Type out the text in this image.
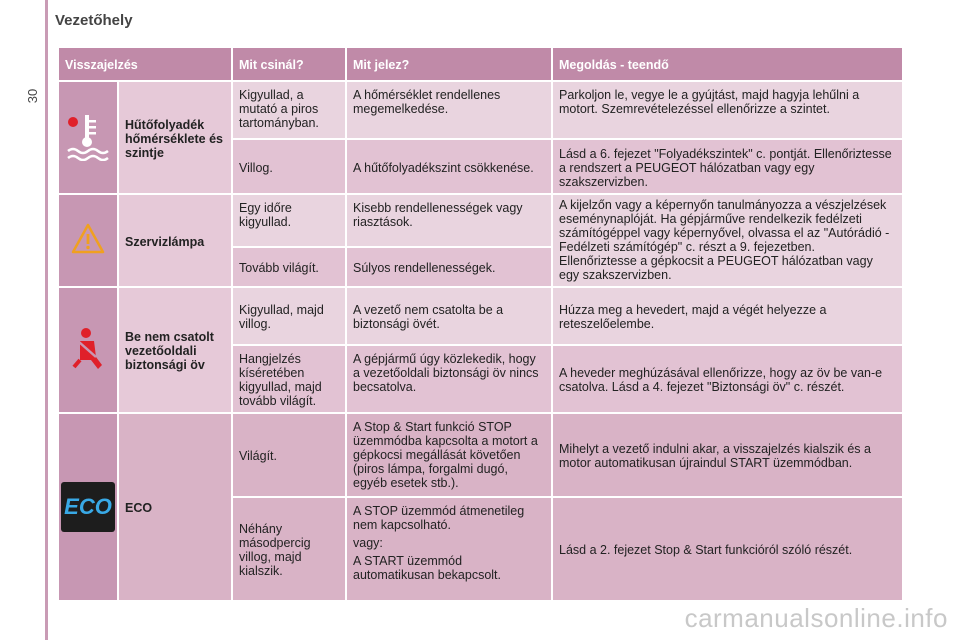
30
Vezetőhely
Visszajelzés		Mit csinál?	Mit jelez?	Megoldás - teendő
	Hűtőfolyadék hőmérséklete és szintje	Kigyullad, a mutató a piros tartományban.	A hőmérséklet rendellenes megemelkedése.	Parkoljon le, vegye le a gyújtást, majd hagyja lehűlni a motort. Szemrevételezéssel ellenőrizze a szintet.
		Villog.	A hűtőfolyadékszint csökkenése.	Lásd a 6. fejezet "Folyadékszintek" c. pontját. Ellenőriztesse a rendszert a PEUGEOT hálózatban vagy egy szakszervizben.
	Szervizlámpa	Egy időre kigyullad.	Kisebb rendellenességek vagy riasztások.	A kijelzőn vagy a képernyőn tanulmányozza a vészjelzések eseménynaplóját. Ha gépjárműve rendelkezik fedélzeti számítógéppel vagy képernyővel, olvassa el az "Autórádió - Fedélzeti számítógép" c. részt a 9. fejezetben. Ellenőriztesse a gépkocsit a PEUGEOT hálózatban vagy egy szakszervizben.
		Tovább világít.	Súlyos rendellenességek.	
	Be nem csatolt vezetőoldali biztonsági öv	Kigyullad, majd villog.	A vezető nem csatolta be a biztonsági övét.	Húzza meg a hevedert, majd a végét helyezze a reteszelőelembe.
		Hangjelzés kíséretében kigyullad, majd tovább világít.	A gépjármű úgy közlekedik, hogy a vezetőoldali biztonsági öv nincs becsatolva.	A heveder meghúzásával ellenőrizze, hogy az öv be van-e csatolva. Lásd a 4. fejezet "Biztonsági öv" c. részét.

ECO	ECO	Világít.	A Stop & Start funkció STOP üzemmódba kapcsolta a motort a gépkocsi megállását követően (piros lámpa, forgalmi dugó, egyéb esetek stb.).	Mihelyt a vezető indulni akar, a visszajelzés kialszik és a motor automatikusan újraindul START üzemmódban.
		Néhány másodpercig villog, majd kialszik.	A STOP üzemmód átmenetileg nem kapcsolható.

vagy:

A START üzemmód automatikusan bekapcsolt.	Lásd a 2. fejezet Stop & Start funkcióról szóló részét.
carmanualsonline.info
